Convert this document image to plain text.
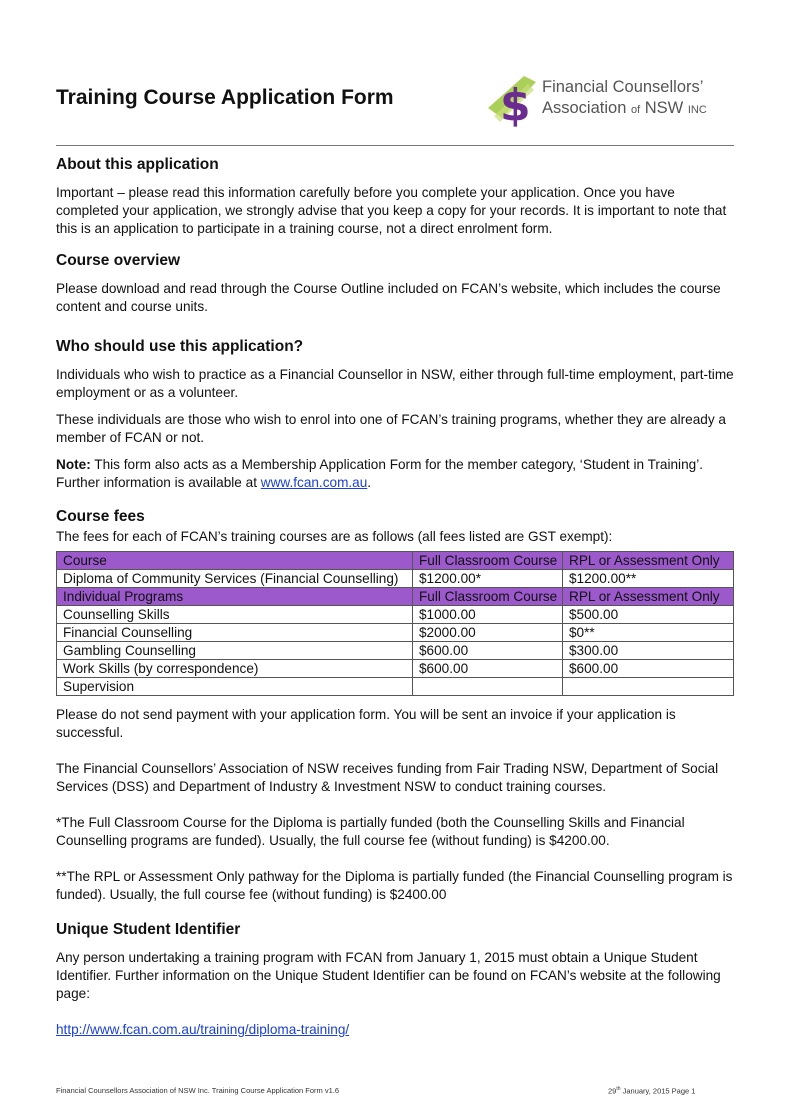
Training Course Application Form $ Financial Counsellors’
Association of NSW INC
About this application

Important – please read this information carefully before you complete your application. Once you have completed your application, we strongly advise that you keep a copy for your records. It is important to note that this is an application to participate in a training course, not a direct enrolment form.

Course overview

Please download and read through the Course Outline included on FCAN’s website, which includes the course content and course units.

Who should use this application?

Individuals who wish to practice as a Financial Counsellor in NSW, either through full-time employment, part-time employment or as a volunteer.

These individuals are those who wish to enrol into one of FCAN’s training programs, whether they are already a member of FCAN or not.

Note: This form also acts as a Membership Application Form for the member category, ‘Student in Training’. Further information is available at www.fcan.com.au.

Course fees

The fees for each of FCAN’s training courses are as follows (all fees listed are GST exempt):

Course	Full Classroom Course	RPL or Assessment Only
Diploma of Community Services (Financial Counselling)	$1200.00*	$1200.00**
Individual Programs	Full Classroom Course	RPL or Assessment Only
Counselling Skills	$1000.00	$500.00
Financial Counselling	$2000.00	$0**
Gambling Counselling	$600.00	$300.00
Work Skills (by correspondence)	$600.00	$600.00
Supervision		

Please do not send payment with your application form. You will be sent an invoice if your application is successful.

The Financial Counsellors’ Association of NSW receives funding from Fair Trading NSW, Department of Social Services (DSS) and Department of Industry & Investment NSW to conduct training courses.

*The Full Classroom Course for the Diploma is partially funded (both the Counselling Skills and Financial Counselling programs are funded). Usually, the full course fee (without funding) is $4200.00.

**The RPL or Assessment Only pathway for the Diploma is partially funded (the Financial Counselling program is funded). Usually, the full course fee (without funding) is $2400.00

Unique Student Identifier

Any person undertaking a training program with FCAN from January 1, 2015 must obtain a Unique Student Identifier. Further information on the Unique Student Identifier can be found on FCAN’s website at the following page:

http://www.fcan.com.au/training/diploma-training/

Financial Counsellors Association of NSW Inc. Training Course Application Form v1.6	29th January, 2015 Page 1
